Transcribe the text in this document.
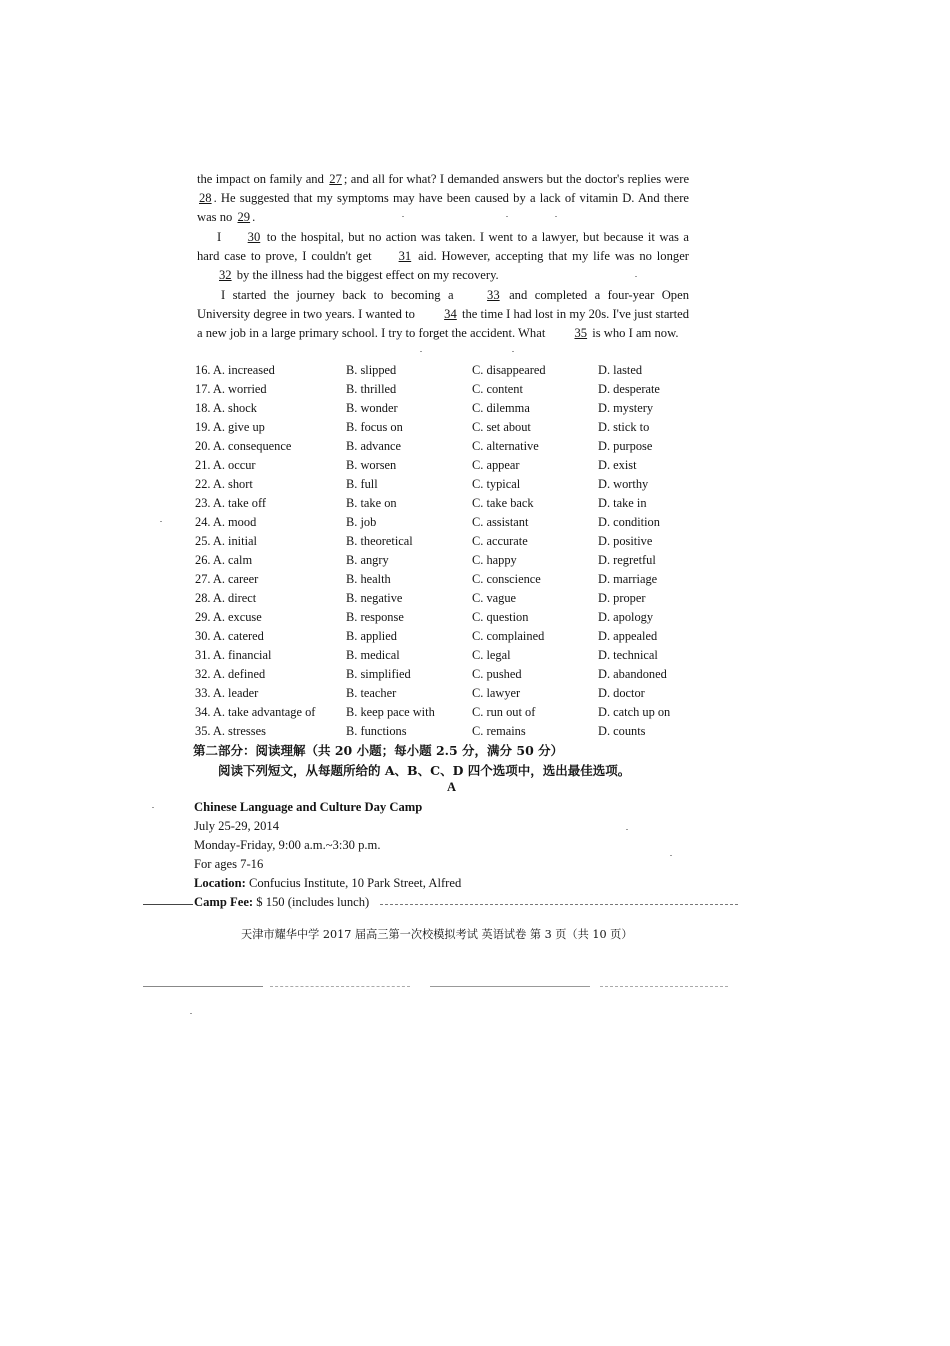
the impact on family and 27 ; and all for what? I demanded answers but the doctor's replies were 28 . He suggested that my symptoms may have been caused by a lack of vitamin D. And there was no 29 .
I 30 to the hospital, but no action was taken. I went to a lawyer, but because it was a hard case to prove, I couldn't get 31 aid. However, accepting that my life was no longer 32 by the illness had the biggest effect on my recovery.
I started the journey back to becoming a	33 and completed a four-year Open University degree in two years. I wanted to 34 the time I had lost in my 20s. I've just started a new job in a large primary school. I try to forget the accident. What 35 is who I am now.
16. A. increased	B. slipped	C. disappeared	D. lasted
17. A. worried	B. thrilled	C. content	D. desperate
18. A. shock	B. wonder	C. dilemma	D. mystery
19. A. give up	B. focus on	C. set about	D. stick to
20. A. consequence	B. advance	C. alternative	D. purpose
21. A. occur	B. worsen	C. appear	D. exist
22. A. short	B. full	C. typical	D. worthy
23. A. take off	B. take on	C. take back	D. take in
24. A. mood	B. job	C. assistant	D. condition
25. A. initial	B. theoretical	C. accurate	D. positive
26. A. calm	B. angry	C. happy	D. regretful
27. A. career	B. health	C. conscience	D. marriage
28. A. direct	B. negative	C. vague	D. proper
29. A. excuse	B. response	C. question	D. apology
30. A. catered	B. applied	C. complained	D. appealed
31. A. financial	B. medical	C. legal	D. technical
32. A. defined	B. simplified	C. pushed	D. abandoned
33. A. leader	B. teacher	C. lawyer	D. doctor
34. A. take advantage of B. keep pace with	C. run out of	D. catch up on
35. A. stresses	B. functions	C. remains	D. counts
第二部分：阅读理解（共 20 小题；每小题 2.5 分，满分 50 分）
阅读下列短文，从每题所给的 A、B、C、D 四个选项中，选出最佳选项。
A
Chinese Language and Culture Day Camp
July 25-29, 2014
Monday-Friday, 9:00 a.m.~3:30 p.m.
For ages 7-16
Location: Confucius Institute, 10 Park Street, Alfred
Camp Fee: $ 150 (includes lunch)
天津市耀华中学 2017 届高三第一次校模拟考试 英语试卷 第 3 页（共 10 页）
